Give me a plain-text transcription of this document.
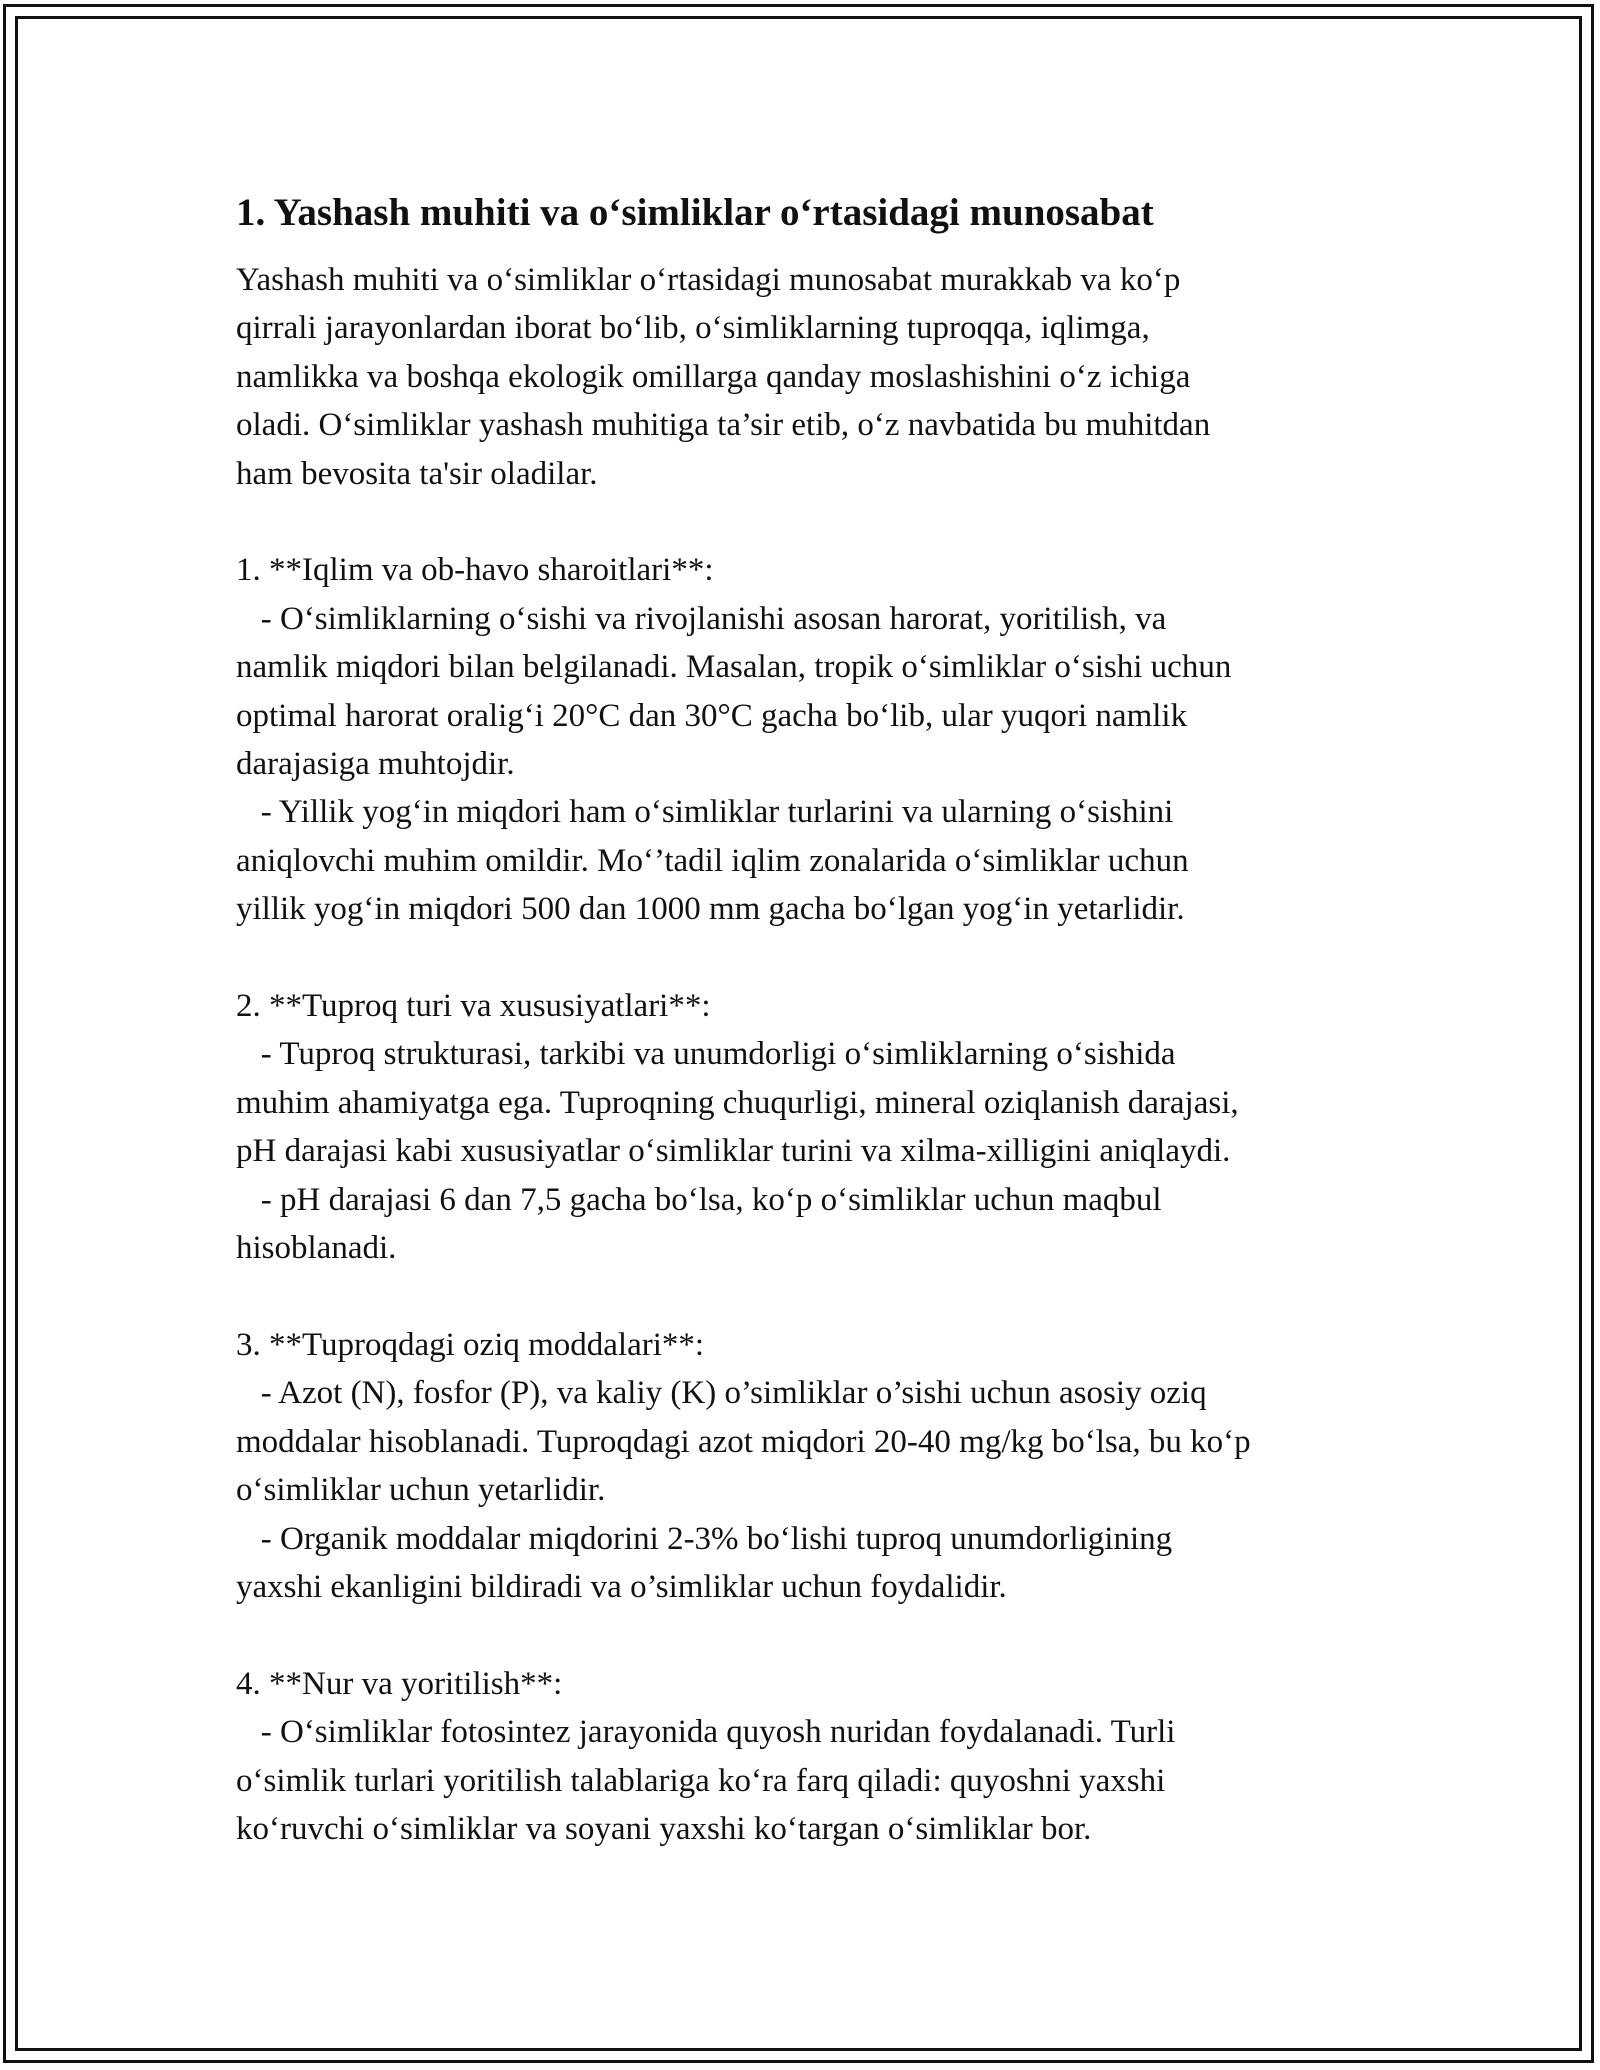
1. Yashash muhiti va o‘simliklar o‘rtasidagi munosabat

Yashash muhiti va o‘simliklar o‘rtasidagi munosabat murakkab va ko‘p
qirrali jarayonlardan iborat bo‘lib, o‘simliklarning tuproqqa, iqlimga,
namlikka va boshqa ekologik omillarga qanday moslashishini o‘z ichiga
oladi. O‘simliklar yashash muhitiga ta’sir etib, o‘z navbatida bu muhitdan
ham bevosita ta'sir oladilar.

1. **Iqlim va ob-havo sharoitlari**:
- O‘simliklarning o‘sishi va rivojlanishi asosan harorat, yoritilish, va
namlik miqdori bilan belgilanadi. Masalan, tropik o‘simliklar o‘sishi uchun
optimal harorat oralig‘i 20°C dan 30°C gacha bo‘lib, ular yuqori namlik
darajasiga muhtojdir.
- Yillik yog‘in miqdori ham o‘simliklar turlarini va ularning o‘sishini
aniqlovchi muhim omildir. Mo‘’tadil iqlim zonalarida o‘simliklar uchun
yillik yog‘in miqdori 500 dan 1000 mm gacha bo‘lgan yog‘in yetarlidir.

2. **Tuproq turi va xususiyatlari**:
- Tuproq strukturasi, tarkibi va unumdorligi o‘simliklarning o‘sishida
muhim ahamiyatga ega. Tuproqning chuqurligi, mineral oziqlanish darajasi,
pH darajasi kabi xususiyatlar o‘simliklar turini va xilma-xilligini aniqlaydi.
- pH darajasi 6 dan 7,5 gacha bo‘lsa, ko‘p o‘simliklar uchun maqbul
hisoblanadi.

3. **Tuproqdagi oziq moddalari**:
- Azot (N), fosfor (P), va kaliy (K) o’simliklar o’sishi uchun asosiy oziq
moddalar hisoblanadi. Tuproqdagi azot miqdori 20-40 mg/kg bo‘lsa, bu ko‘p
o‘simliklar uchun yetarlidir.
- Organik moddalar miqdorini 2-3% bo‘lishi tuproq unumdorligining
yaxshi ekanligini bildiradi va o’simliklar uchun foydalidir.

4. **Nur va yoritilish**:
- O‘simliklar fotosintez jarayonida quyosh nuridan foydalanadi. Turli
o‘simlik turlari yoritilish talablariga ko‘ra farq qiladi: quyoshni yaxshi
ko‘ruvchi o‘simliklar va soyani yaxshi ko‘targan o‘simliklar bor.
